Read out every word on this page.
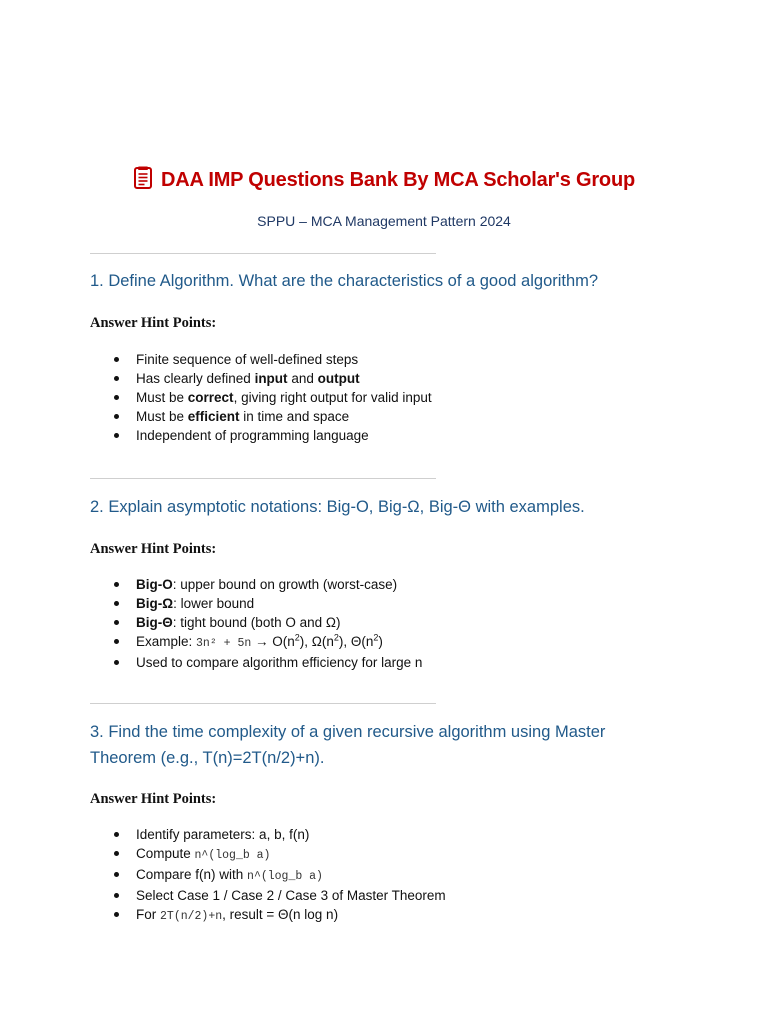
DAA IMP Questions Bank By MCA Scholar's Group
SPPU – MCA Management Pattern 2024
1. Define Algorithm. What are the characteristics of a good algorithm?
Answer Hint Points:
Finite sequence of well-defined steps
Has clearly defined input and output
Must be correct, giving right output for valid input
Must be efficient in time and space
Independent of programming language
2. Explain asymptotic notations: Big-O, Big-Ω, Big-Θ with examples.
Answer Hint Points:
Big-O: upper bound on growth (worst-case)
Big-Ω: lower bound
Big-Θ: tight bound (both O and Ω)
Example: $3n^2 + 5n \to O(n^2)$, $\Omega(n^2)$, $\Theta(n^2)$
Used to compare algorithm efficiency for large n
3. Find the time complexity of a given recursive algorithm using Master
Theorem (e.g., T(n)=2T(n/2)+n).
Answer Hint Points:
Identify parameters: a, b, f(n)
Compute n^(log_b a)
Compare f(n) with n^(log_b a)
Select Case 1 / Case 2 / Case 3 of Master Theorem
For 2T(n/2)+n, result = Θ(n log n)
